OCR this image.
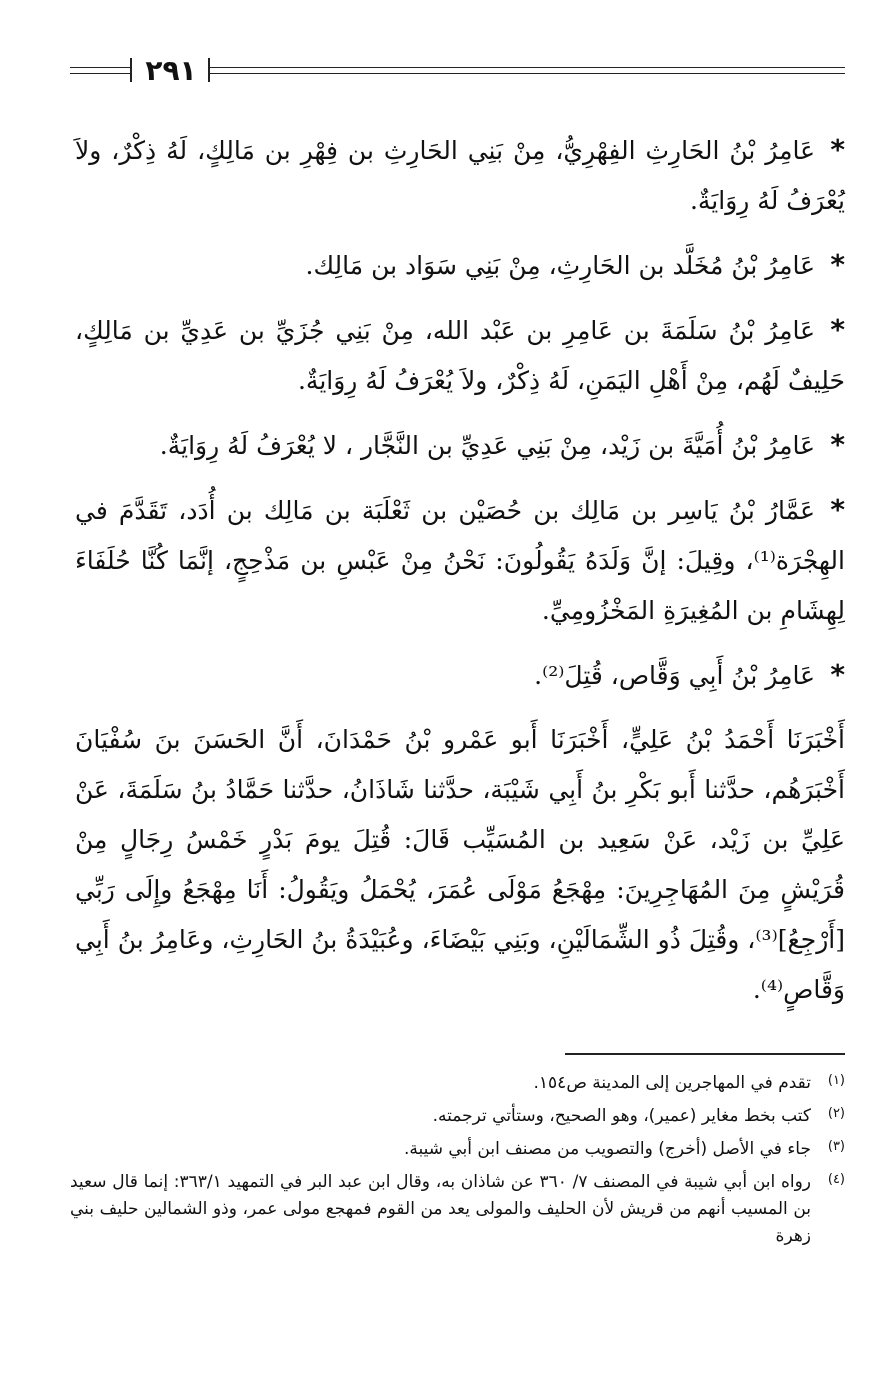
٢٩١

*عَامِرُ بْنُ الحَارِثِ الفِهْرِيُّ، مِنْ بَنِي الحَارِثِ بن فِهْرِ بن مَالِكٍ، لَهُ ذِكْرٌ، ولاَ يُعْرَفُ لَهُ رِوَايَةٌ.

*عَامِرُ بْنُ مُخَلَّد بن الحَارِثِ، مِنْ بَنِي سَوَاد بن مَالِك.

*عَامِرُ بْنُ سَلَمَةَ بن عَامِرِ بن عَبْد الله، مِنْ بَنِي جُزَيِّ بن عَدِيِّ بن مَالِكٍ، حَلِيفٌ لَهُم، مِنْ أَهْلِ اليَمَنِ، لَهُ ذِكْرٌ، ولاَ يُعْرَفُ لَهُ رِوَايَةٌ.

*عَامِرُ بْنُ أُمَيَّةَ بن زَيْد، مِنْ بَنِي عَدِيِّ بن النَّجَّار ، لا يُعْرَفُ لَهُ رِوَايَةٌ.

*عَمَّارُ بْنُ يَاسِر بن مَالِك بن حُصَيْن بن ثَعْلَبَة بن مَالِك بن أُدَد، تَقَدَّمَ في الهِجْرَة⁽¹⁾، وقِيلَ: إنَّ وَلَدَهُ يَقُولُونَ: نَحْنُ مِنْ عَبْسِ بن مَذْحِجٍ، إنَّمَا كُنَّا حُلَفَاءَ لِهِشَامِ بن المُغِيرَةِ المَخْزُومِيِّ.

*عَامِرُ بْنُ أَبِي وَقَّاص، قُتِلَ⁽²⁾.

أَخْبَرَنَا أَحْمَدُ بْنُ عَلِيٍّ، أَخْبَرَنَا أَبو عَمْرو بْنُ حَمْدَانَ، أَنَّ الحَسَنَ بنَ سُفْيَانَ أَخْبَرَهُم، حدَّثنا أَبو بَكْرِ بنُ أَبِي شَيْبَة، حدَّثنا شَاذَانُ، حدَّثنا حَمَّادُ بنُ سَلَمَةَ، عَنْ عَلِيِّ بن زَيْد، عَنْ سَعِيد بن المُسَيِّب قَالَ: قُتِلَ يومَ بَدْرٍ خَمْسُ رِجَالٍ مِنْ قُرَيْشٍ مِنَ المُهَاجِرِينَ: مِهْجَعُ مَوْلَى عُمَرَ، يُحْمَلُ ويَقُولُ: أَنَا مِهْجَعُ وإِلَى رَبِّي [أَرْجِعُ]⁽³⁾، وقُتِلَ ذُو الشِّمَالَيْنِ، وبَنِي بَيْضَاءَ، وعُبَيْدَةُ بنُ الحَارِثِ، وعَامِرُ بنُ أَبِي وَقَّاصٍ⁽⁴⁾.

(١)
تقدم في المهاجرين إلى المدينة ص١٥٤.
(٢)
كتب بخط مغاير (عمير)، وهو الصحيح، وستأتي ترجمته.
(٣)
جاء في الأصل (أخرج) والتصويب من مصنف ابن أبي شيبة.
(٤)
رواه ابن أبي شيبة في المصنف ٧/ ٣٦٠ عن شاذان به، وقال ابن عبد البر في التمهيد ٣٦٣/١: إنما قال سعيد بن المسيب أنهم من قريش لأن الحليف والمولى يعد من القوم فمهجع مولى عمر، وذو الشمالين حليف بني زهرة
